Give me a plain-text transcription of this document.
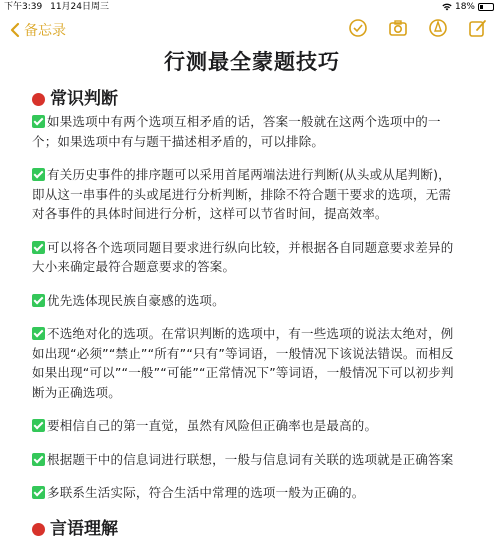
下午3:39 11月24日周三	18%
备忘录
行测最全蒙题技巧
常识判断

如果选项中有两个选项互相矛盾的话，答案一般就在这两个选项中的一个；如果选项中有与题干描述相矛盾的，可以排除。

有关历史事件的排序题可以采用首尾两端法进行判断(从头或从尾判断)，即从这一串事件的头或尾进行分析判断，排除不符合题干要求的选项，无需对各事件的具体时间进行分析，这样可以节省时间，提高效率。

可以将各个选项同题目要求进行纵向比较，并根据各自同题意要求差异的大小来确定最符合题意要求的答案。

优先选体现民族自豪感的选项。

不选绝对化的选项。在常识判断的选项中，有一些选项的说法太绝对，例如出现“必须”“禁止”“所有”“只有”等词语，一般情况下该说法错误。而相反如果出现“可以”“一般”“可能”“正常情况下”等词语，一般情况下可以初步判断为正确选项。

要相信自己的第一直觉，虽然有风险但正确率也是最高的。

根据题干中的信息词进行联想，一般与信息词有关联的选项就是正确答案

多联系生活实际，符合生活中常理的选项一般为正确的。

言语理解
